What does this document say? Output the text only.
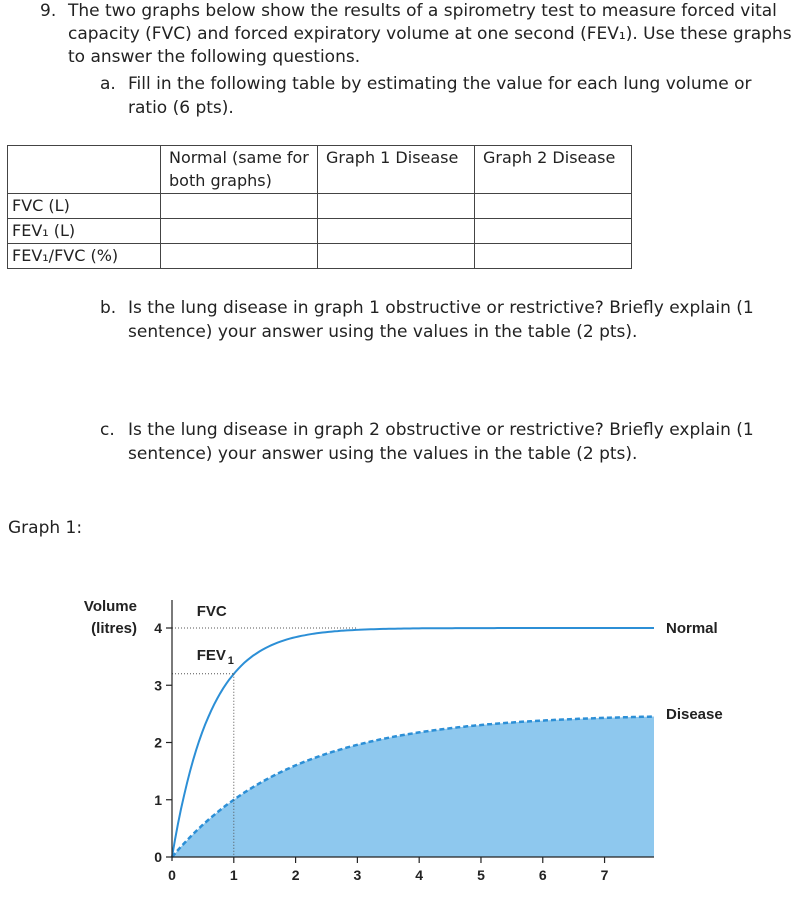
9. The two graphs below show the results of a spirometry test to measure forced vital capacity (FVC) and forced expiratory volume at one second (FEV₁). Use these graphs to answer the following questions.
a. Fill in the following table by estimating the value for each lung volume or ratio (6 pts).
	Normal (same for both graphs)	Graph 1 Disease	Graph 2 Disease
FVC (L)			
FEV₁ (L)			
FEV₁/FVC (%)			
b. Is the lung disease in graph 1 obstructive or restrictive? Briefly explain (1 sentence) your answer using the values in the table (2 pts).
c. Is the lung disease in graph 2 obstructive or restrictive? Briefly explain (1 sentence) your answer using the values in the table (2 pts).
Graph 1:
Volume
(litres)
0
1
2
3
4
0	1	2	3	4	5	6	7
FVC
FEV 1
Normal
Disease
